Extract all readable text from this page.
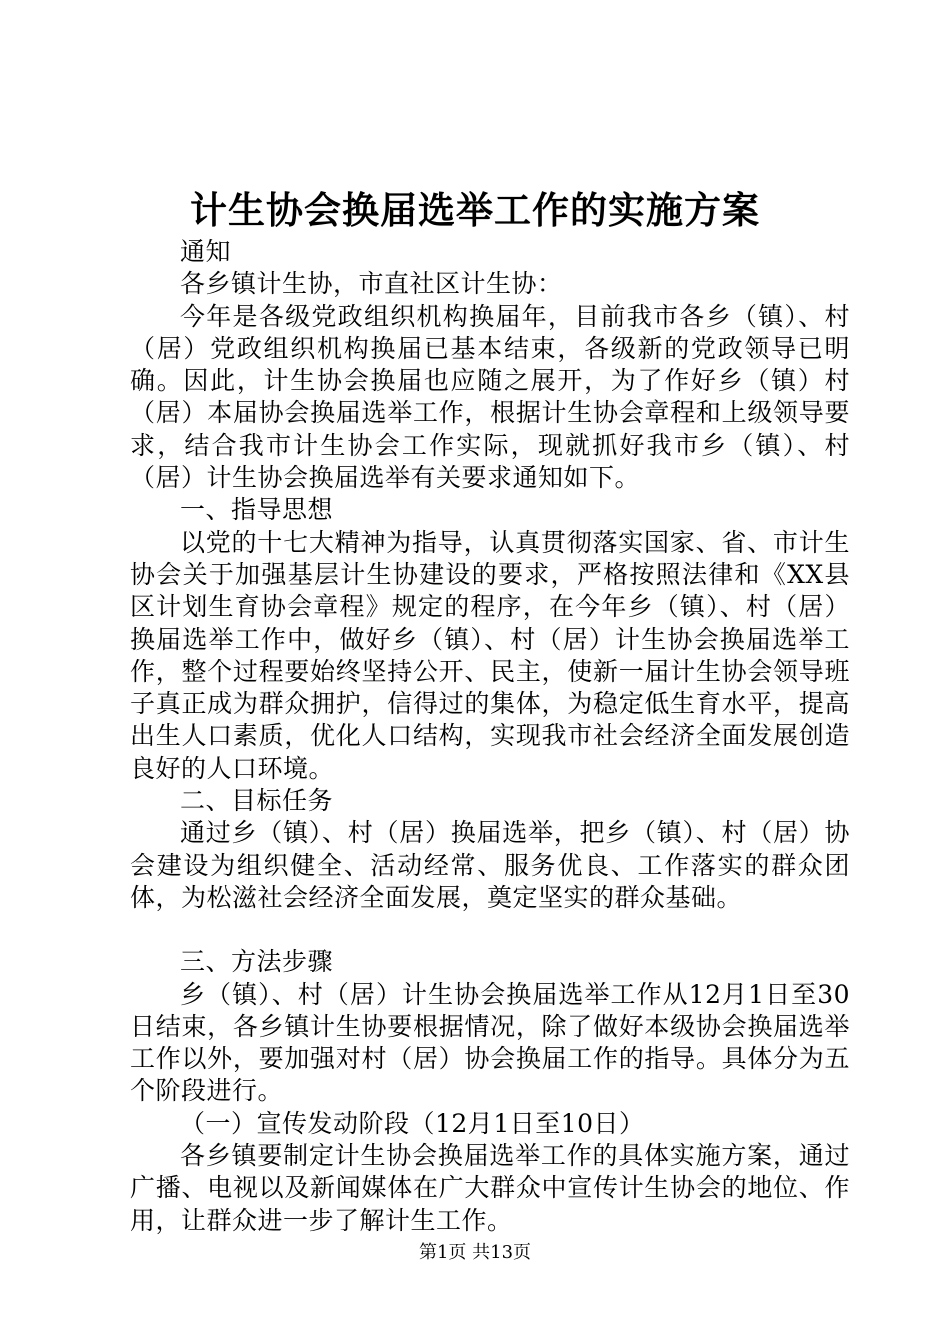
计生协会换届选举工作的实施方案

通知

各乡镇计生协，市直社区计生协：

今年是各级党政组织机构换届年，目前我市各乡（镇）、村（居）党政组织机构换届已基本结束，各级新的党政领导已明确。因此，计生协会换届也应随之展开，为了作好乡（镇）村（居）本届协会换届选举工作，根据计生协会章程和上级领导要求，结合我市计生协会工作实际，现就抓好我市乡（镇）、村（居）计生协会换届选举有关要求通知如下。

一、指导思想

以党的十七大精神为指导，认真贯彻落实国家、省、市计生协会关于加强基层计生协建设的要求，严格按照法律和《XX县区计划生育协会章程》规定的程序，在今年乡（镇）、村（居）换届选举工作中，做好乡（镇）、村（居）计生协会换届选举工作，整个过程要始终坚持公开、民主，使新一届计生协会领导班子真正成为群众拥护，信得过的集体，为稳定低生育水平，提高出生人口素质，优化人口结构，实现我市社会经济全面发展创造良好的人口环境。

二、目标任务

通过乡（镇）、村（居）换届选举，把乡（镇）、村（居）协会建设为组织健全、活动经常、服务优良、工作落实的群众团体，为松滋社会经济全面发展，奠定坚实的群众基础。

三、方法步骤

乡（镇）、村（居）计生协会换届选举工作从12月1日至30日结束，各乡镇计生协要根据情况，除了做好本级协会换届选举工作以外，要加强对村（居）协会换届工作的指导。具体分为五个阶段进行。

（一）宣传发动阶段（12月1日至10日）

各乡镇要制定计生协会换届选举工作的具体实施方案，通过广播、电视以及新闻媒体在广大群众中宣传计生协会的地位、作用，让群众进一步了解计生工作。

第1页 共13页
